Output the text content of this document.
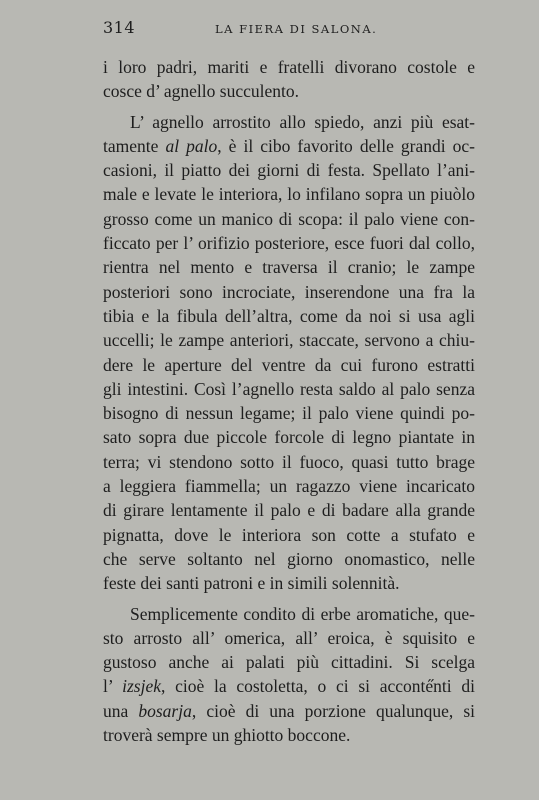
314	LA FIERA DI SALONA.
i loro padri, mariti e fratelli divorano costole e
cosce d’ agnello succulento.
L’ agnello arrostito allo spiedo, anzi più esat-
tamente al palo, è il cibo favorito delle grandi oc-
casioni, il piatto dei giorni di festa. Spellato l’ani-
male e levate le interiora, lo infilano sopra un piuòlo
grosso come un manico di scopa: il palo viene con-
ficcato per l’ orifizio posteriore, esce fuori dal collo,
rientra nel mento e traversa il cranio; le zampe
posteriori sono incrociate, inserendone una fra la
tibia e la fibula dell’altra, come da noi si usa agli
uccelli; le zampe anteriori, staccate, servono a chiu-
dere le aperture del ventre da cui furono estratti
gli intestini. Così l’agnello resta saldo al palo senza
bisogno di nessun legame; il palo viene quindi po-
sato sopra due piccole forcole di legno piantate in
terra; vi stendono sotto il fuoco, quasi tutto brage
a leggiera fiammella; un ragazzo viene incaricato
di girare lentamente il palo e di badare alla grande
pignatta, dove le interiora son cotte a stufato e
che serve soltanto nel giorno onomastico, nelle
feste dei santi patroni e in simili solennità.
Semplicemente condito di erbe aromatiche, que-
sto arrosto all’ omerica, all’ eroica, è squisito e
gustoso anche ai palati più cittadini. Si scelga
l’ izsjek, cioè la costoletta, o ci si acconte̋nti di
una bosarja, cioè di una porzione qualunque, si
troverà sempre un ghiotto boccone.
